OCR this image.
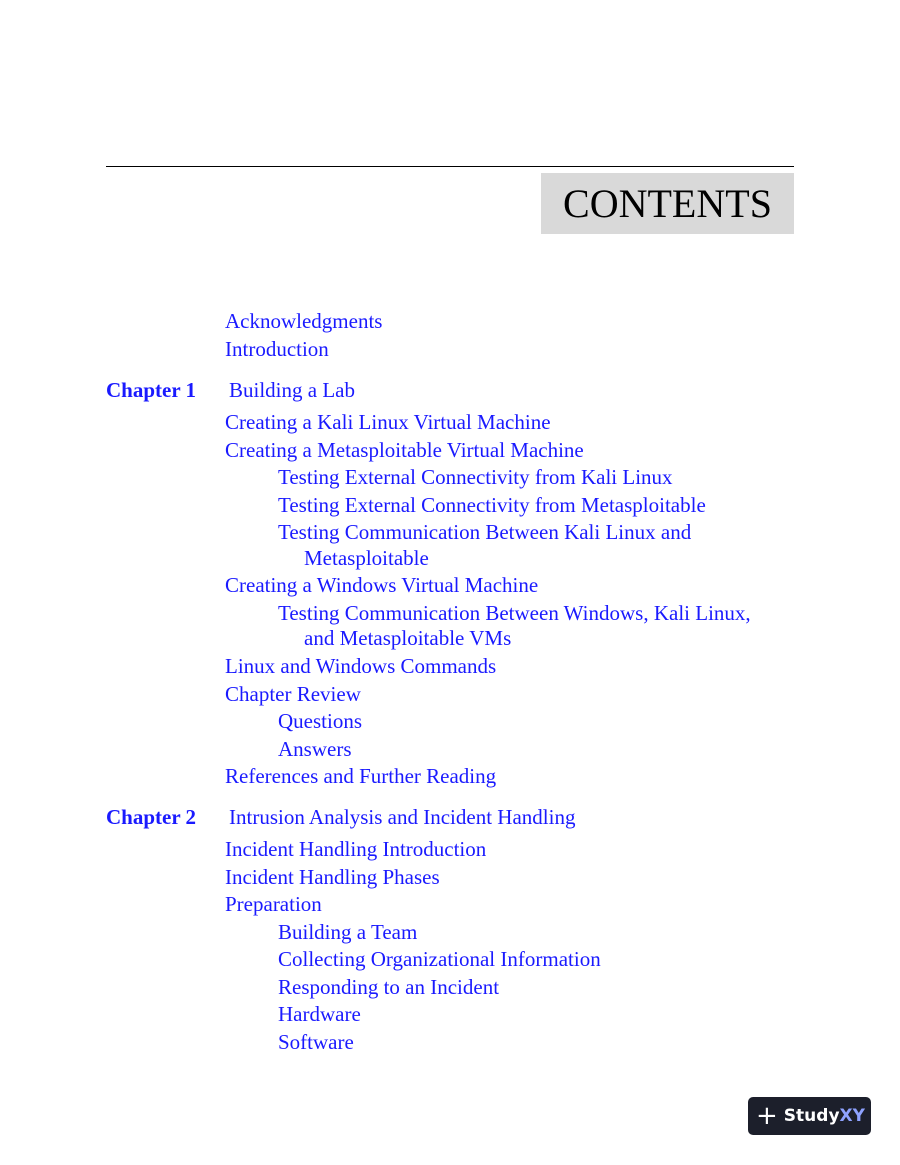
CONTENTS
Acknowledgments
Introduction
Chapter 1 Building a Lab
Creating a Kali Linux Virtual Machine
Creating a Metasploitable Virtual Machine
Testing External Connectivity from Kali Linux
Testing External Connectivity from Metasploitable
Testing Communication Between Kali Linux and
Metasploitable
Creating a Windows Virtual Machine
Testing Communication Between Windows, Kali Linux,
and Metasploitable VMs
Linux and Windows Commands
Chapter Review
Questions
Answers
References and Further Reading
Chapter 2 Intrusion Analysis and Incident Handling
Incident Handling Introduction
Incident Handling Phases
Preparation
Building a Team
Collecting Organizational Information
Responding to an Incident
Hardware
Software
+ Study XY
